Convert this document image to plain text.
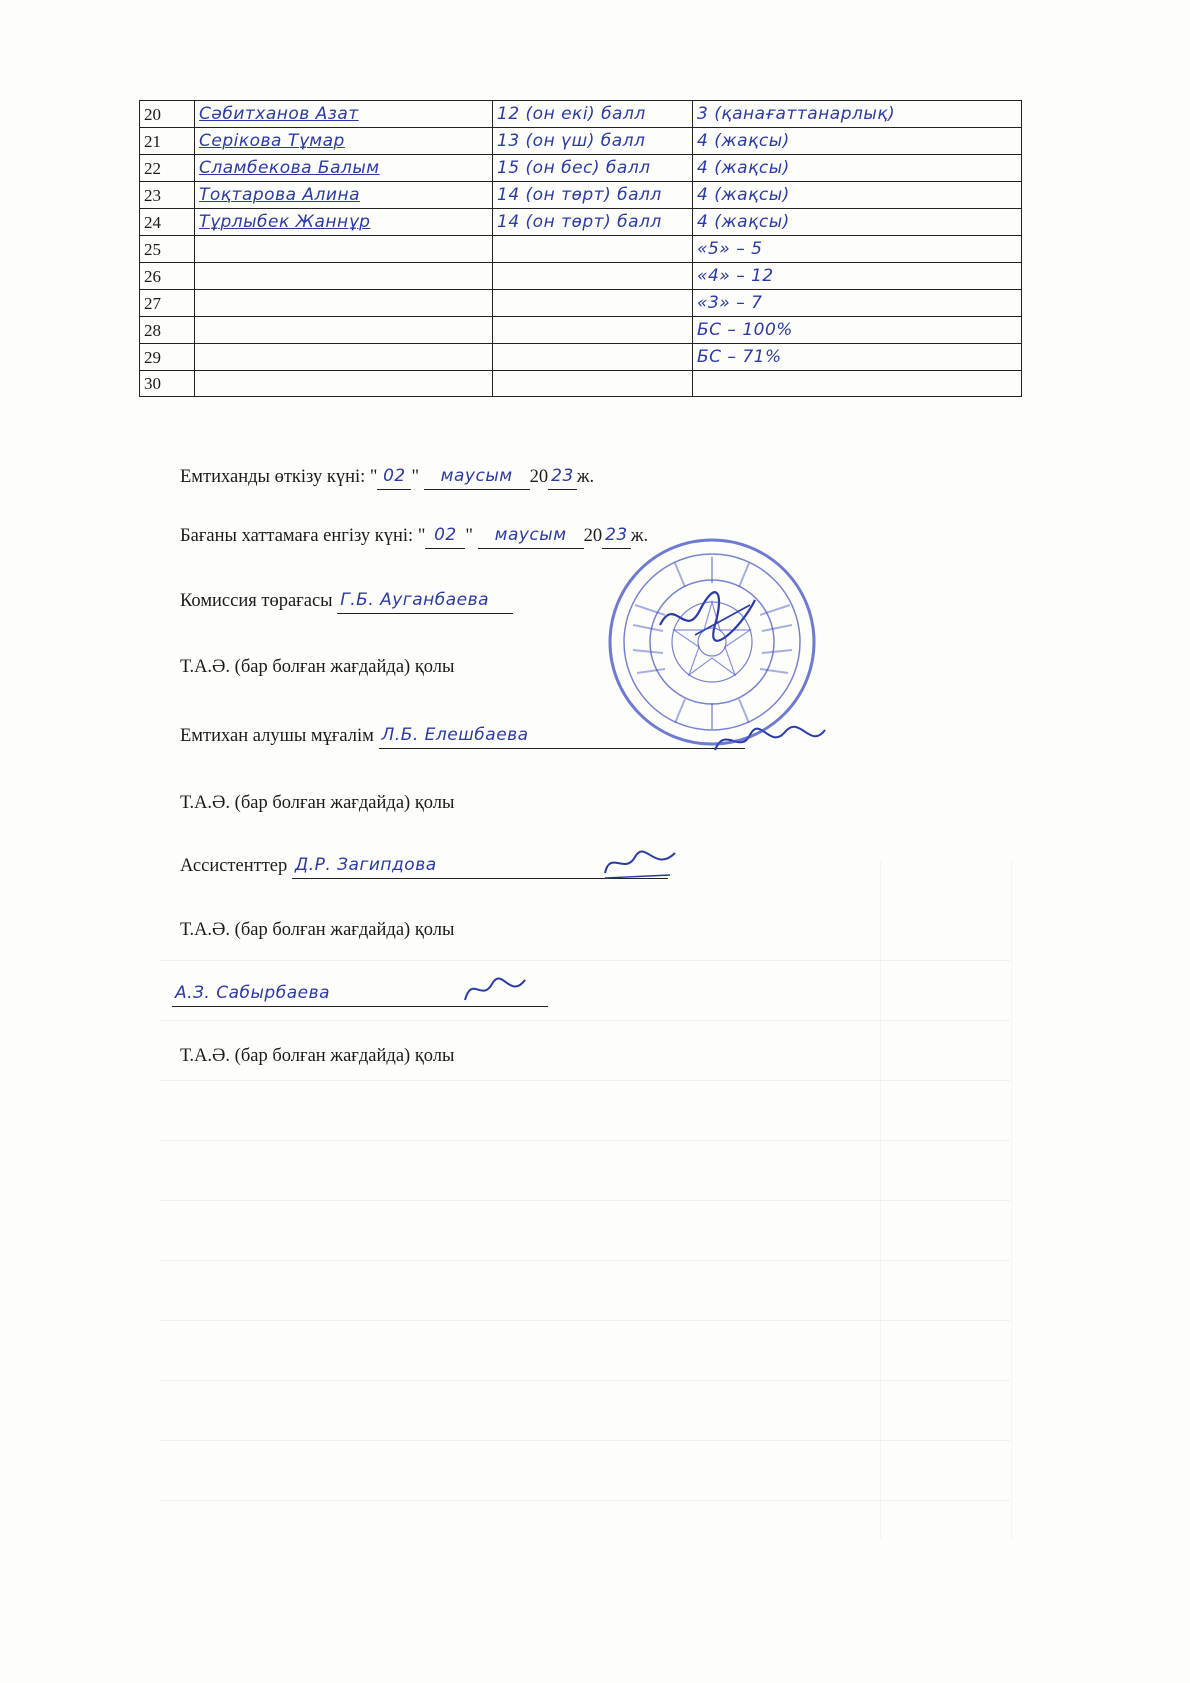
20	Сәбитханов Азат	12 (он екі) балл	3 (қанағаттанарлық)
21	Серікова Тұмар	13 (он үш) балл	4 (жақсы)
22	Сламбекова Балым	15 (он бес) балл	4 (жақсы)
23	Тоқтарова Алина	14 (он төрт) балл	4 (жақсы)
24	Тұрлыбек Жаннұр	14 (он төрт) балл	4 (жақсы)
25			«5» – 5
26			«4» – 12
27			«3» – 7
28			БС – 100%
29			БС – 71%
30			
Емтиханды өткізу күні: " 02 " маусым 20 23 ж.
Бағаны хаттамаға енгізу күні: " 02 " маусым 20 23 ж.
Комиссия төрағасы Г.Б. Ауганбаева
Т.А.Ә. (бар болған жағдайда) қолы
Емтихан алушы мұғалім Л.Б. Елешбаева
Т.А.Ә. (бар болған жағдайда) қолы
Ассистенттер Д.Р. Загипдова
Т.А.Ә. (бар болған жағдайда) қолы
А.З. Сабырбаева
Т.А.Ә. (бар болған жағдайда) қолы
